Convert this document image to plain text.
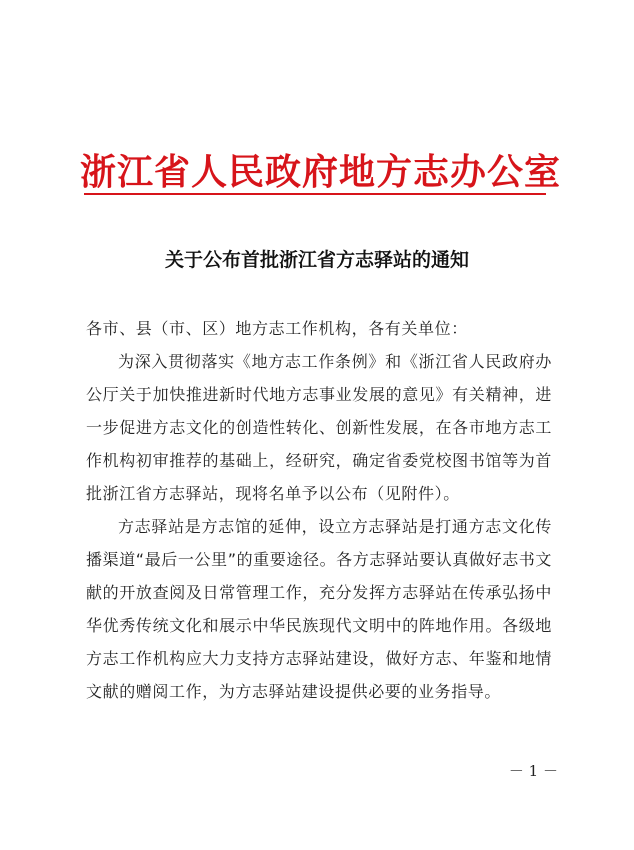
浙江省人民政府地方志办公室
关于公布首批浙江省方志驿站的通知

各市、县（市、区）地方志工作机构，各有关单位：

为深入贯彻落实《地方志工作条例》和《浙江省人民政府办公厅关于加快推进新时代地方志事业发展的意见》有关精神，进一步促进方志文化的创造性转化、创新性发展，在各市地方志工作机构初审推荐的基础上，经研究，确定省委党校图书馆等为首批浙江省方志驿站，现将名单予以公布（见附件）。

方志驿站是方志馆的延伸，设立方志驿站是打通方志文化传播渠道“最后一公里”的重要途径。各方志驿站要认真做好志书文献的开放查阅及日常管理工作，充分发挥方志驿站在传承弘扬中华优秀传统文化和展示中华民族现代文明中的阵地作用。各级地方志工作机构应大力支持方志驿站建设，做好方志、年鉴和地情文献的赠阅工作，为方志驿站建设提供必要的业务指导。

－ 1 －
